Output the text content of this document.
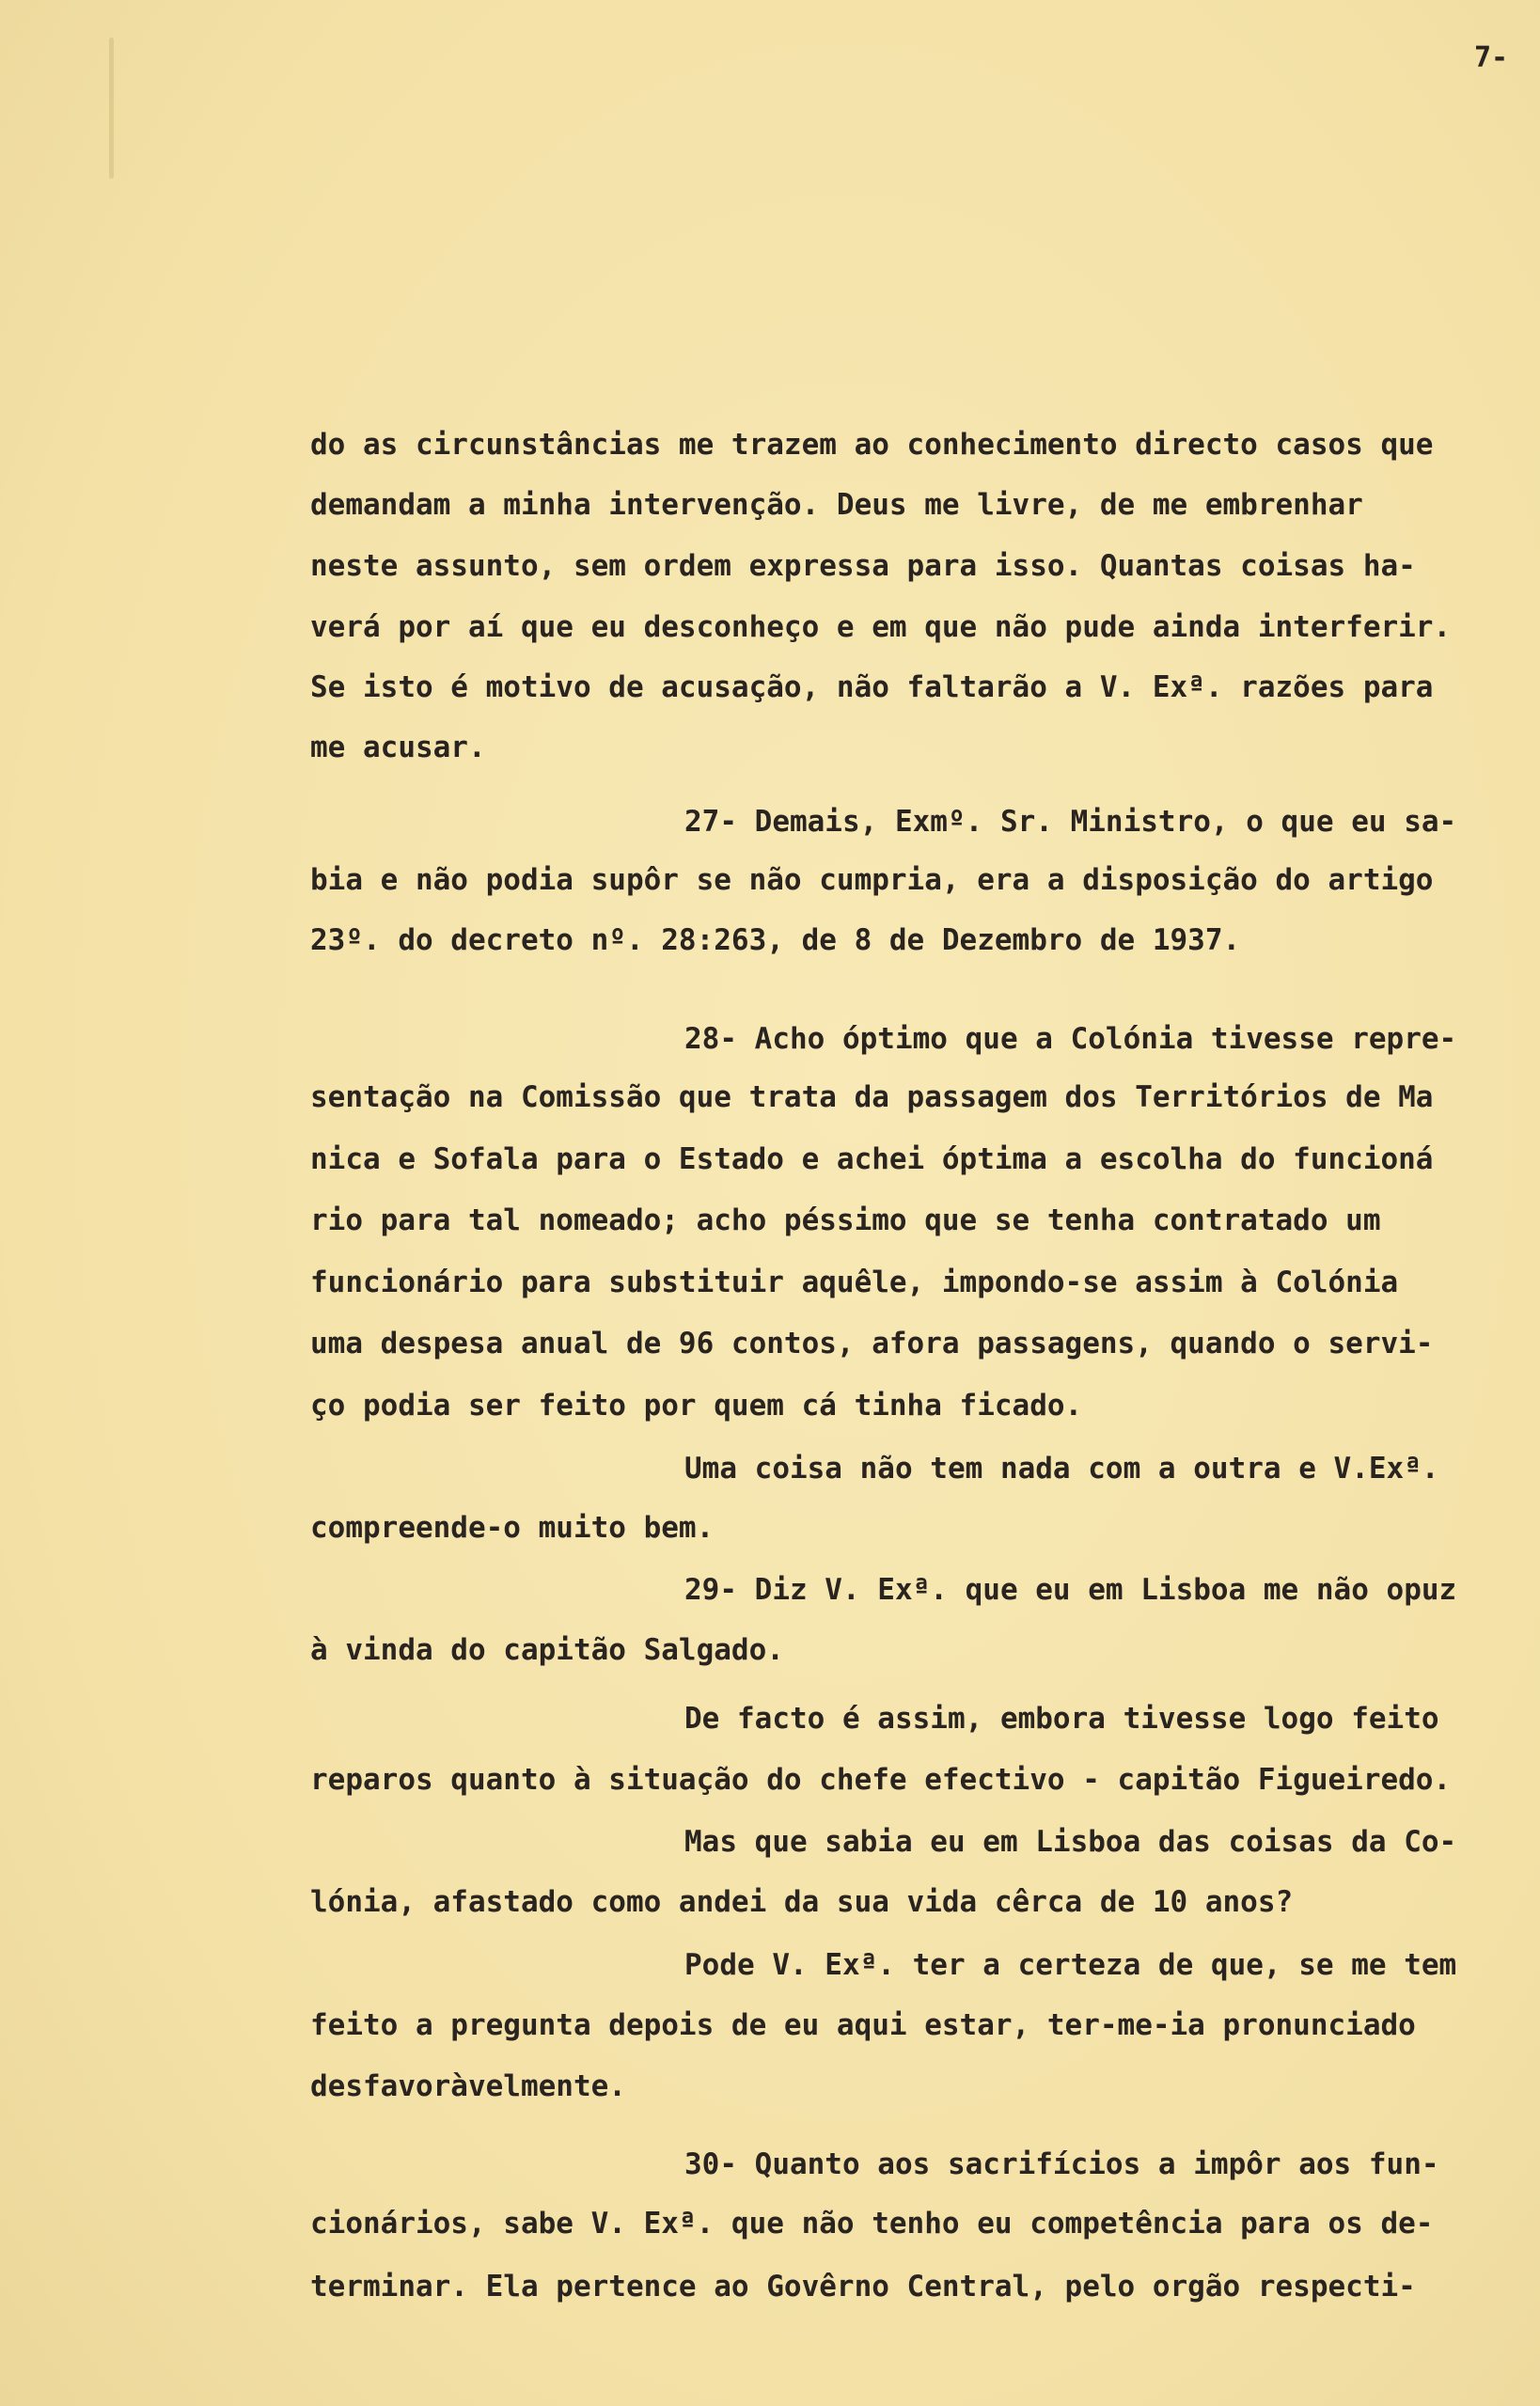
7-
do as circunstâncias me trazem ao conhecimento directo casos que
demandam a minha intervenção. Deus me livre, de me embrenhar
neste assunto, sem ordem expressa para isso. Quantas coisas ha-
verá por aí que eu desconheço e em que não pude ainda interferir.
Se isto é motivo de acusação, não faltarão a V. Exª. razões para
me acusar.
27- Demais, Exmº. Sr. Ministro, o que eu sa-
bia e não podia supôr se não cumpria, era a disposição do artigo
23º. do decreto nº. 28:263, de 8 de Dezembro de 1937.
28- Acho óptimo que a Colónia tivesse repre-
sentação na Comissão que trata da passagem dos Territórios de Ma
nica e Sofala para o Estado e achei óptima a escolha do funcioná
rio para tal nomeado; acho péssimo que se tenha contratado um
funcionário para substituir aquêle, impondo-se assim à Colónia
uma despesa anual de 96 contos, afora passagens, quando o servi-
ço podia ser feito por quem cá tinha ficado.
Uma coisa não tem nada com a outra e V.Exª.
compreende-o muito bem.
29- Diz V. Exª. que eu em Lisboa me não opuz
à vinda do capitão Salgado.
De facto é assim, embora tivesse logo feito
reparos quanto à situação do chefe efectivo - capitão Figueiredo.
Mas que sabia eu em Lisboa das coisas da Co-
lónia, afastado como andei da sua vida cêrca de 10 anos?
Pode V. Exª. ter a certeza de que, se me tem
feito a pregunta depois de eu aqui estar, ter-me-ia pronunciado
desfavoràvelmente.
30- Quanto aos sacrifícios a impôr aos fun-
cionários, sabe V. Exª. que não tenho eu competência para os de-
terminar. Ela pertence ao Govêrno Central, pelo orgão respecti-
